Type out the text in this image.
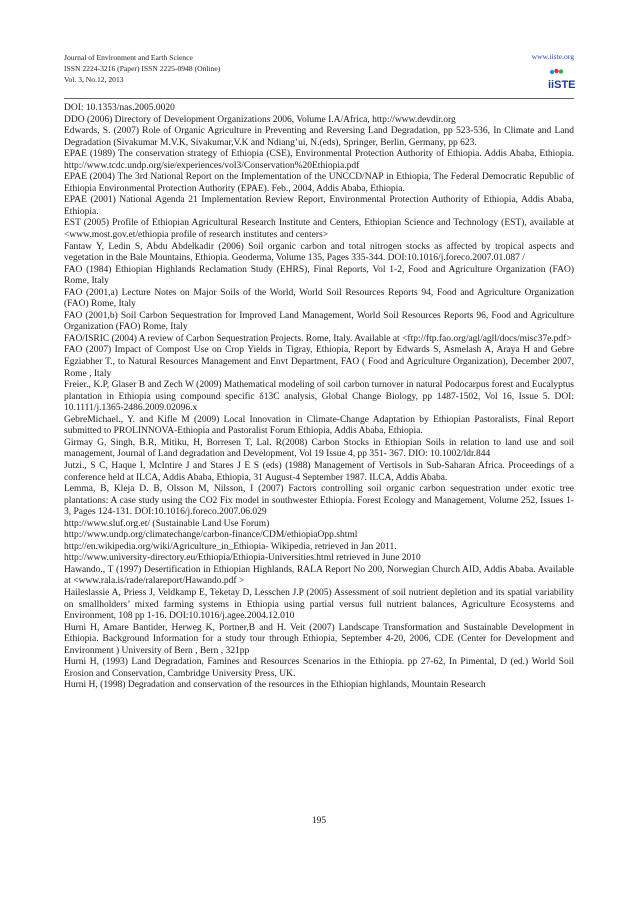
Journal of Environment and Earth Science
ISSN 2224-3216 (Paper) ISSN 2225-0948 (Online)
Vol. 3, No.12, 2013
www.iiste.org
iiSTE

DOI: 10.1353/nas.2005.0020

DDO (2006) Directory of Development Organizations 2006, Volume I.A/Africa, http://www.devdir.org

Edwards, S. (2007) Role of Organic Agriculture in Preventing and Reversing Land Degradation, pp 523-536, In Climate and Land Degradation (Sivakumar M.V.K, Sivakumar,V.K and Ndiang’ui, N.(eds), Springer, Berlin, Germany, pp 623.

EPAE (1989) The conservation strategy of Ethiopia (CSE), Environmental Protection Authority of Ethiopia. Addis Ababa, Ethiopia. http://www.tcdc.undp.org/sie/experiences/vol3/Conservation%20Ethiopia.pdf

EPAE (2004) The 3rd National Report on the Implementation of the UNCCD/NAP in Ethiopia, The Federal Democratic Republic of Ethiopia Environmental Protection Authority (EPAE). Feb., 2004, Addis Ababa, Ethiopia.

EPAE (2001) National Agenda 21 Implementation Review Report, Environmental Protection Authority of Ethiopia, Addis Ababa, Ethiopia.

EST (2005) Profile of Ethiopian Agricultural Research Institute and Centers, Ethiopian Science and Technology (EST), available at <www.most.gov.et/ethiopia profile of research institutes and centers>

Fantaw Y, Ledin S, Abdu Abdelkadir (2006) Soil organic carbon and total nitrogen stocks as affected by tropical aspects and vegetation in the Bale Mountains, Ethiopia. Geoderma, Volume 135, Pages 335-344. DOI:10.1016/j.foreco.2007.01.087 /

FAO (1984) Ethiopian Highlands Reclamation Study (EHRS), Final Reports, Vol 1-2, Food and Agriculture Organization (FAO) Rome, Italy

FAO (2001,a) Lecture Notes on Major Soils of the World, World Soil Resources Reports 94, Food and Agriculture Organization (FAO) Rome, Italy

FAO (2001,b) Soil Carbon Sequestration for Improved Land Management, World Soil Resources Reports 96, Food and Agriculture Organization (FAO) Rome, Italy

FAO/ISRIC (2004) A review of Carbon Sequestration Projects. Rome, Italy. Available at <ftp://ftp.fao.org/agl/agll/docs/misc37e.pdf>

FAO (2007) Impact of Compost Use on Crop Yields in Tigray, Ethiopia, Report by Edwards S, Asmelash A, Araya H and Gebre Egziabher T., to Natural Resources Management and Envt Department, FAO ( Food and Agriculture Organization), December 2007, Rome , Italy

Freier., K.P, Glaser B and Zech W (2009) Mathematical modeling of soil carbon turnover in natural Podocarpus forest and Eucalyptus plantation in Ethiopia using compound specific δ13C analysis, Global Change Biology, pp 1487-1502, Vol 16, Issue 5. DOI: 10.1111/j.1365-2486.2009.02096.x

GebreMichael., Y. and Kifle M (2009) Local Innovation in Climate-Change Adaptation by Ethiopian Pastoralists, Final Report submitted to PROLINNOVA-Ethiopia and Pastoralist Forum Ethiopia, Addis Ababa, Ethiopia.

Girmay G, Singh, B.R, Mitiku, H, Borresen T, Lal. R(2008) Carbon Stocks in Ethiopian Soils in relation to land use and soil management, Journal of Land degradation and Development, Vol 19 Issue 4, pp 351- 367. DIO: 10.1002/ldr.844

Jutzi., S C, Haque I, McIntire J and Stares J E S (eds) (1988) Management of Vertisols in Sub-Saharan Africa. Proceedings of a conference held at ILCA, Addis Ababa, Ethiopia, 31 August-4 September 1987. ILCA, Addis Ababa.

Lemma, B, Kleja D. B, Olsson M, Nilsson, I (2007) Factors controlling soil organic carbon sequestration under exotic tree plantations: A case study using the CO2 Fix model in southwester Ethiopia. Forest Ecology and Management, Volume 252, Issues 1-3, Pages 124-131. DOI:10.1016/j.foreco.2007.06.029

http://www.sluf.org.et/ (Sustainable Land Use Forum)

http://www.undp.org/climatechange/carbon-finance/CDM/ethiopiaOpp.shtml

http://en.wikipedia.org/wiki/Agriculture_in_Ethiopia- Wikipedia, retrieved in Jan 2011.

http://www.university-directory.eu/Ethiopia/Ethiopia-Universities.html retrieved in June 2010

Hawando., T (1997) Desertification in Ethiopian Highlands, RALA Report No 200, Norwegian Church AID, Addis Ababa. Available at <www.rala.is/rade/ralareport/Hawando.pdf >

Haileslassie A, Priess J, Veldkamp E, Teketay D, Lesschen J.P (2005) Assessment of soil nutrient depletion and its spatial variability on smallholders’ mixed farming systems in Ethiopia using partial versus full nutrient balances, Agriculture Ecosystems and Environment, 108 pp 1-16. DOI:10.1016/j.agee.2004.12.010

Hurni H, Amare Bantider, Herweg K, Portner,B and H. Veit (2007) Landscape Transformation and Sustainable Development in Ethiopia. Background Information for a study tour through Ethiopia, September 4-20, 2006, CDE (Center for Development and Environment ) University of Bern , Bern , 321pp

Hurni H, (1993) Land Degradation, Famines and Resources Scenarios in the Ethiopia. pp 27-62, In Pimental, D (ed.) World Soil Erosion and Conservation, Cambridge University Press, UK.

Hurni H, (1998) Degradation and conservation of the resources in the Ethiopian highlands, Mountain Research

195
